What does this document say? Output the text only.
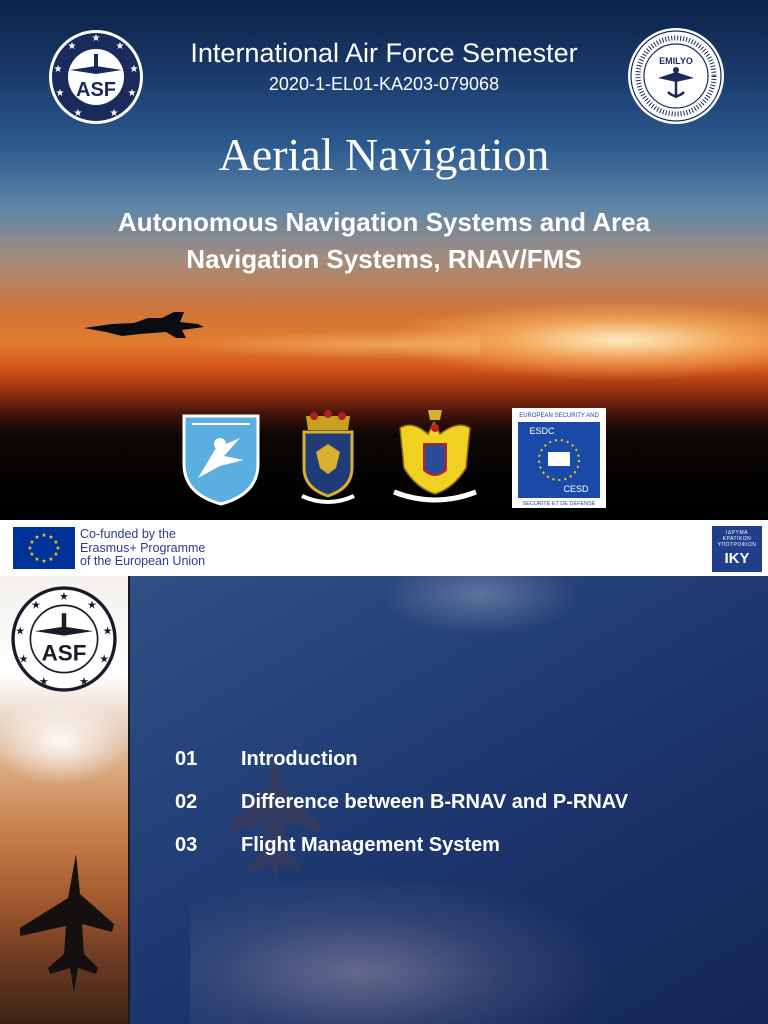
★
★
★
★
★
★
★
★
★
ASF
International Air Force Semester
2020-1-EL01-KA203-079068
EMILYO
Aerial Navigation
Autonomous Navigation Systems and Area
Navigation Systems, RNAV/FMS
EUROPEAN SECURITY AND
ESDC
CESD
SÉCURITÉ ET DE DÉFENSE
★ ★
★
★
★
★
★
★
★
★
★
★	Co-funded by the
Erasmus+ Programme
of the European Union
ΙΔΡΥΜΑ
ΚΡΑΤΙΚΩΝ
ΥΠΟΤΡΟΦΙΩΝ
IKY
★
★
★
★
★
★
★
★
★
ASF
01	Introduction
02	Difference between B-RNAV and P-RNAV
03	Flight Management System
